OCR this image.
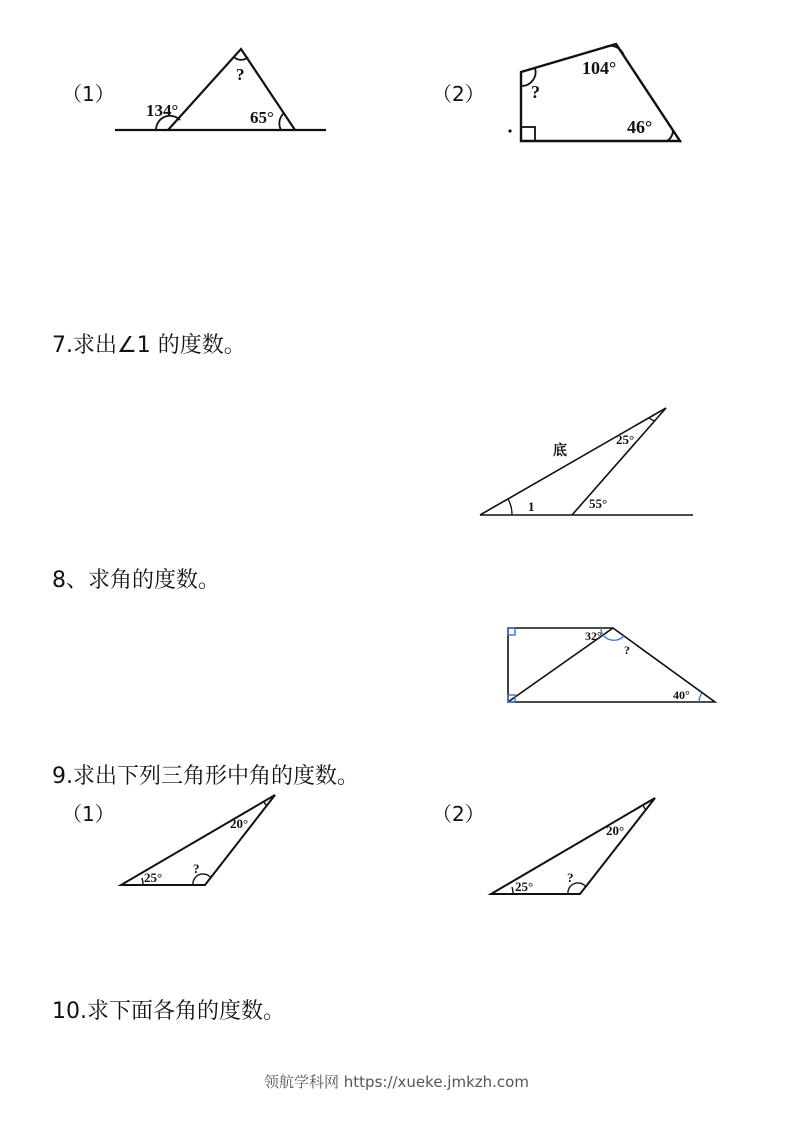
（1）	（2）
134°
?
65°
?
104°
46°
7.求出∠1 的度数。
底
25°
1	55°
8、求角的度数。
32°
?
40°
9.求出下列三角形中角的度数。
（1）	（2）
20°
25°
?
20°
25°
?
10.求下面各角的度数。
领航学科网 https://xueke.jmkzh.com
